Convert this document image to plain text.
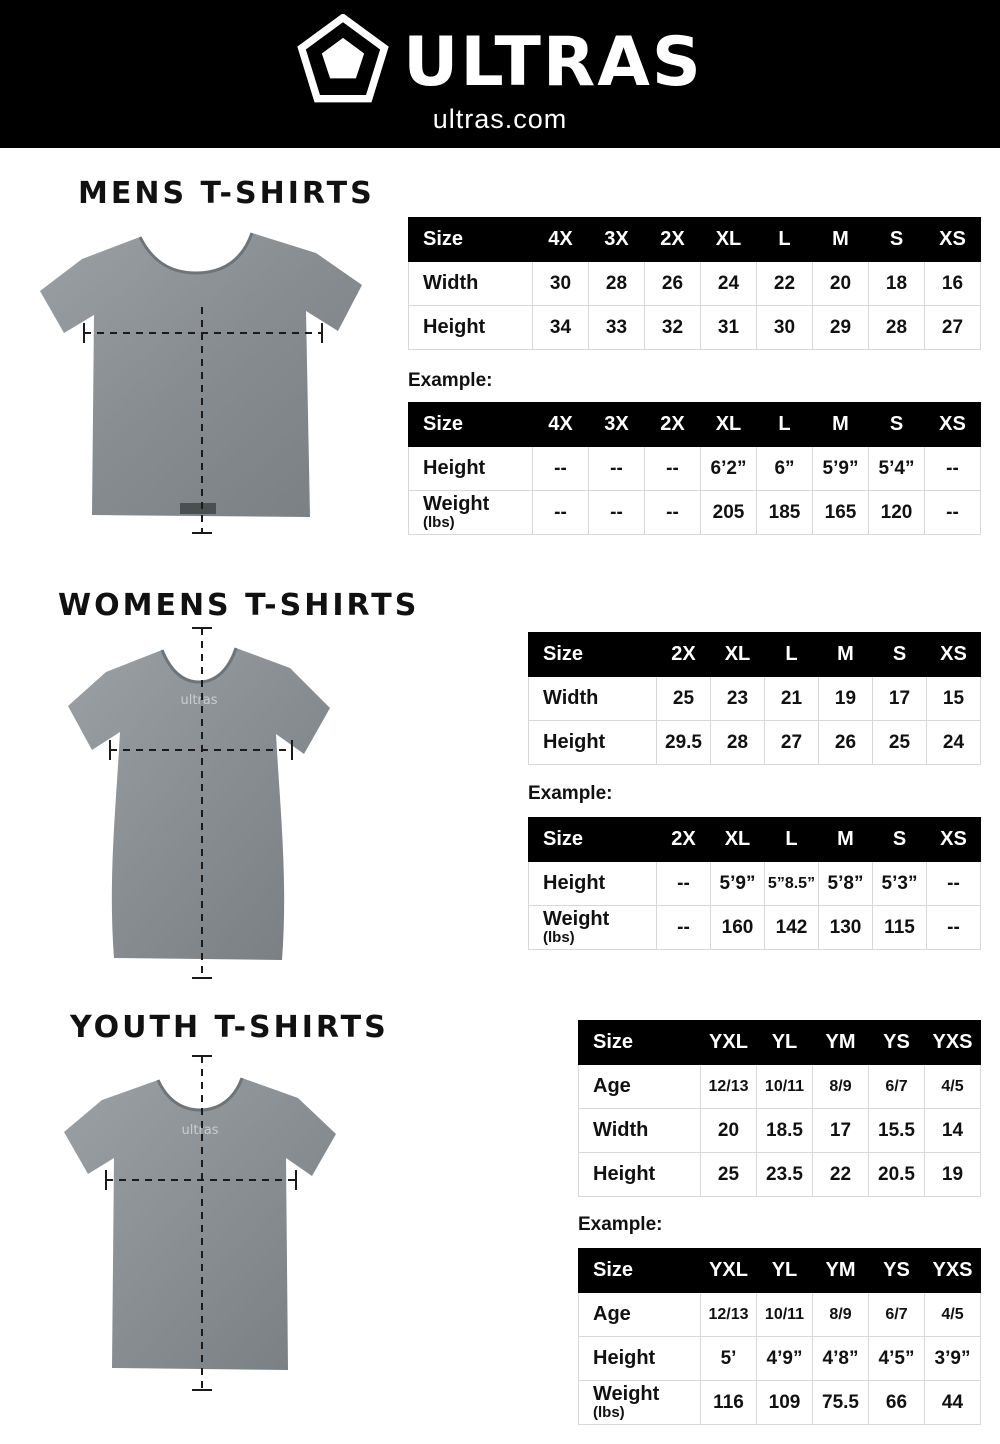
ULTRAS
ultras.com
MENS T-SHIRTS
Size	4X	3X	2X	XL	L	M	S	XS
Width	30	28	26	24	22	20	18	16
Height	34	33	32	31	30	29	28	27
Example:
Size	4X	3X	2X	XL	L	M	S	XS

Height	--	--	--	6’2”	6”	5’9”	5’4”	--

Weight
(lbs)	--	--	--	205	185	165	120	--
WOMENS T-SHIRTS
ultras
Size	2X	XL	L	M	S	XS
Width	25	23	21	19	17	15
Height	29.5	28	27	26	25	24
Example:
Size	2X	XL	L	M	S	XS

Height	--	5’9”	5”8.5”	5’8”	5’3”	--

Weight
(lbs)	--	160	142	130	115	--
YOUTH T-SHIRTS
ultras
Size	YXL	YL	YM	YS	YXS
Age	12/13	10/11	8/9	6/7	4/5
Width	20	18.5	17	15.5	14
Height	25	23.5	22	20.5	19
Example:
Size	YXL	YL	YM	YS	YXS

Age	12/13	10/11	8/9	6/7	4/5

Height	5’	4’9”	4’8”	4’5”	3’9”

Weight
(lbs)	116	109	75.5	66	44
